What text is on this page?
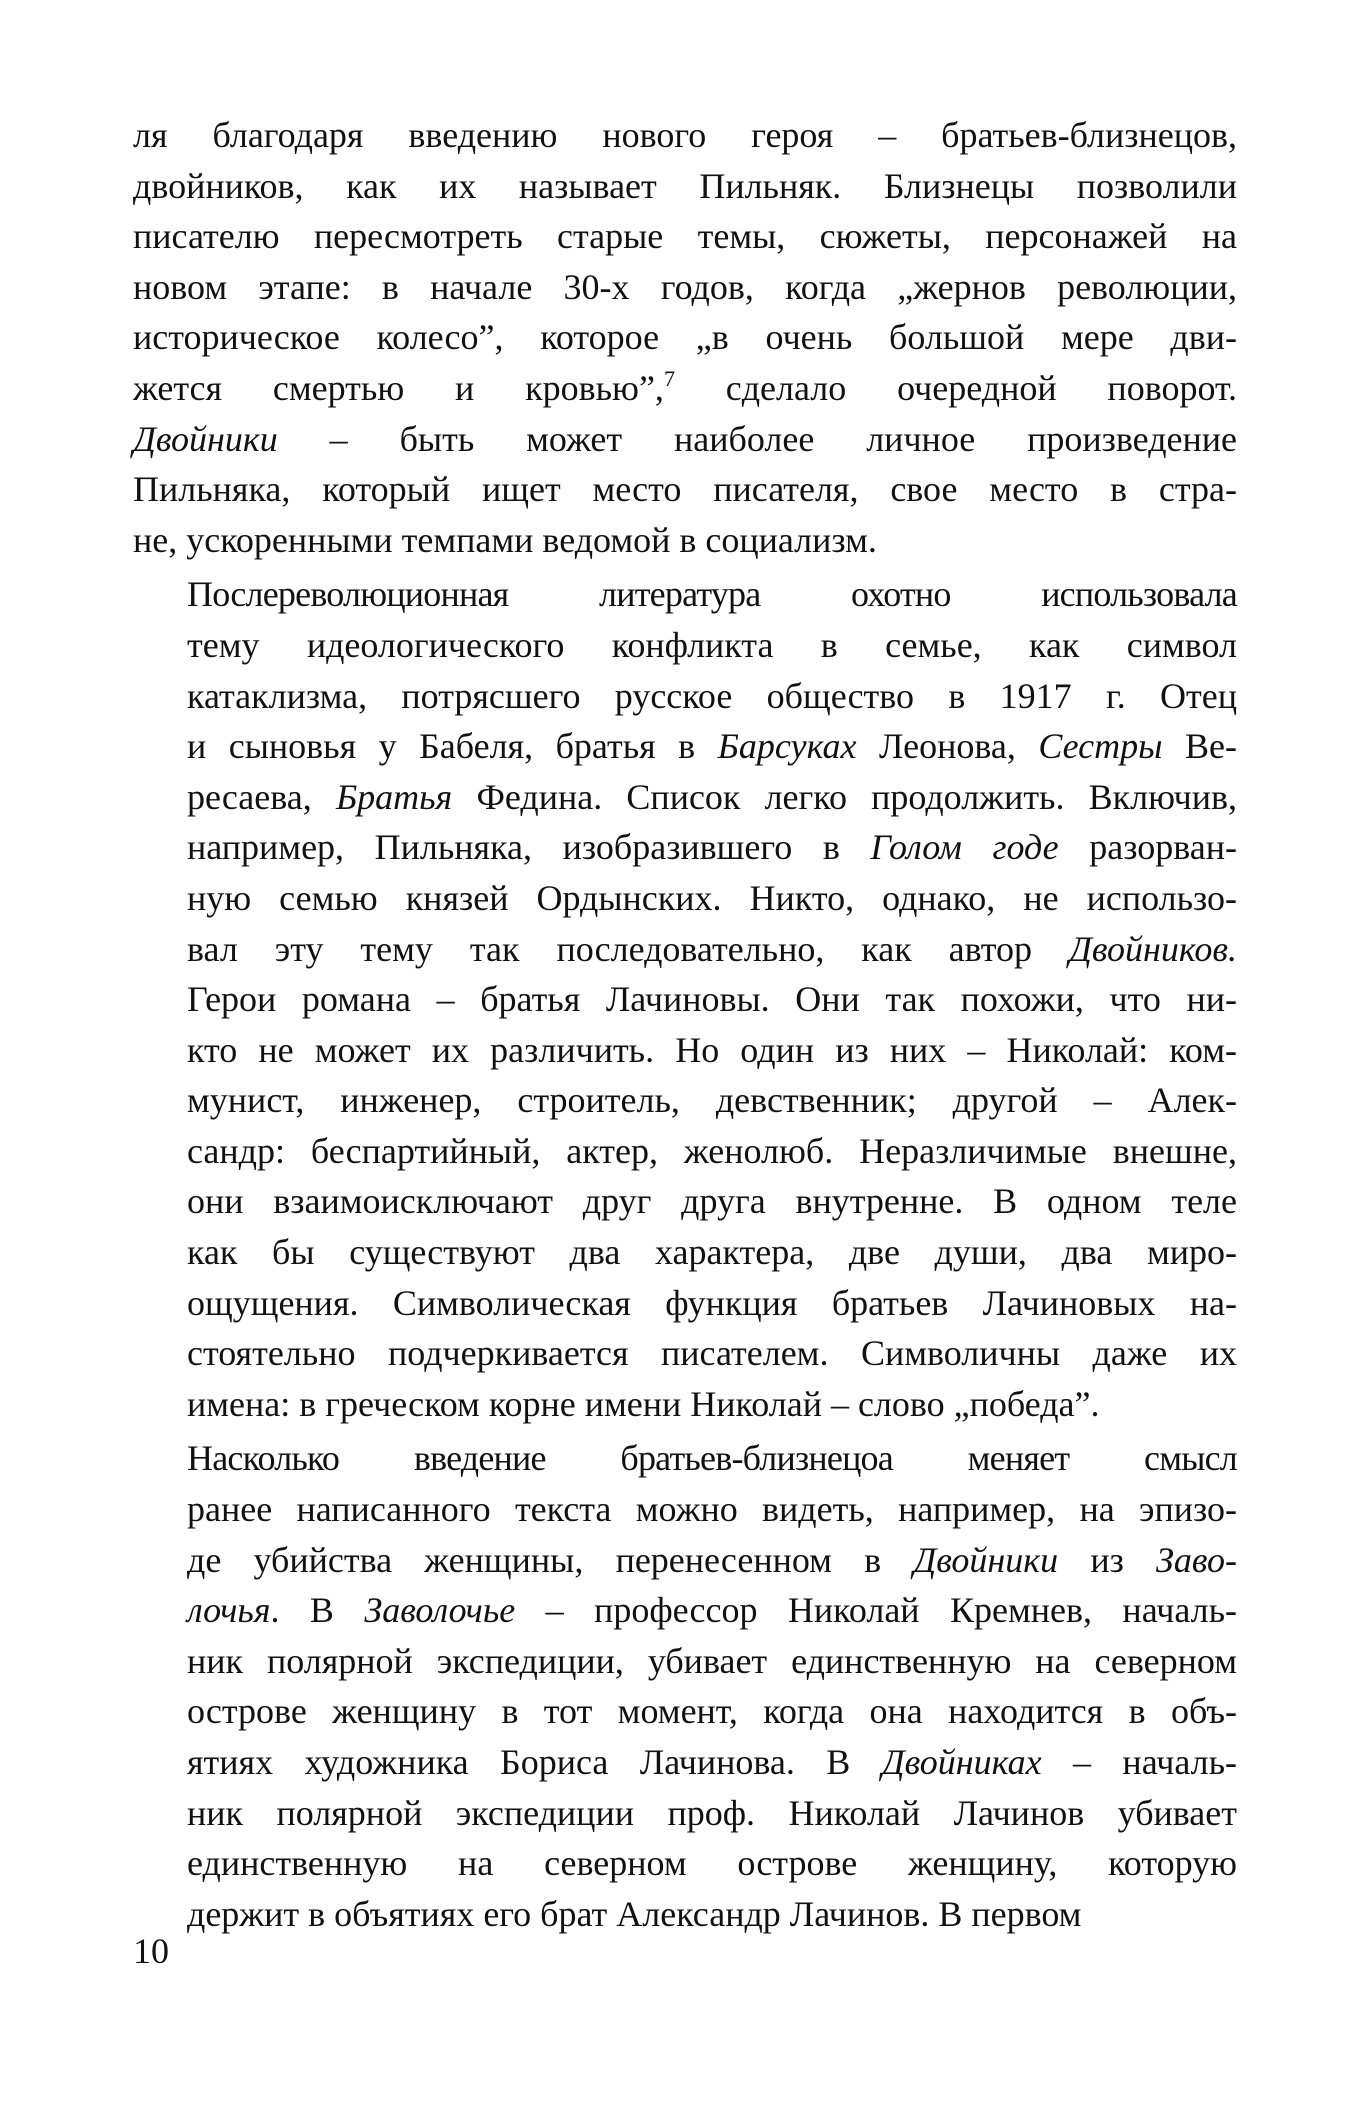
ля благодаря введению нового героя – братьев-близнецов,
двойников, как их называет Пильняк. Близнецы позволили
писателю пересмотреть старые темы, сюжеты, персонажей на
новом этапе: в начале 30-х годов, когда „жернов революции,
историческое колесо”, которое „в очень большой мере дви-
жется смертью и кровью”,$^7$ сделало очередной поворот.
Двойники – быть может наиболее личное произведение
Пильняка, который ищет место писателя, свое место в стра-
не, ускоренными темпами ведомой в социализм.
Послереволюционная литература охотно использовала
тему идеологического конфликта в семье, как символ
катаклизма, потрясшего русское общество в 1917 г. Отец
и сыновья у Бабеля, братья в Барсуках Леонова, Сестры Ве-
ресаева, Братья Федина. Список легко продолжить. Включив,
например, Пильняка, изобразившего в Голом годе разорван-
ную семью князей Ордынских. Никто, однако, не использо-
вал эту тему так последовательно, как автор Двойников.
Герои романа – братья Лачиновы. Они так похожи, что ни-
кто не может их различить. Но один из них – Николай: ком-
мунист, инженер, строитель, девственник; другой – Алек-
сандр: беспартийный, актер, женолюб. Неразличимые внешне,
они взаимоисключают друг друга внутренне. В одном теле
как бы существуют два характера, две души, два миро-
ощущения. Символическая функция братьев Лачиновых на-
стоятельно подчеркивается писателем. Символичны даже их
имена: в греческом корне имени Николай – слово „победа”.
Насколько введение братьев-близнецоа меняет смысл
ранее написанного текста можно видеть, например, на эпизо-
де убийства женщины, перенесенном в Двойники из Заво-
лочья. В Заволочье – профессор Николай Кремнев, началь-
ник полярной экспедиции, убивает единственную на северном
острове женщину в тот момент, когда она находится в объ-
ятиях художника Бориса Лачинова. В Двойниках – началь-
ник полярной экспедиции проф. Николай Лачинов убивает
единственную на северном острове женщину, которую
держит в объятиях его брат Александр Лачинов. В первом
10
